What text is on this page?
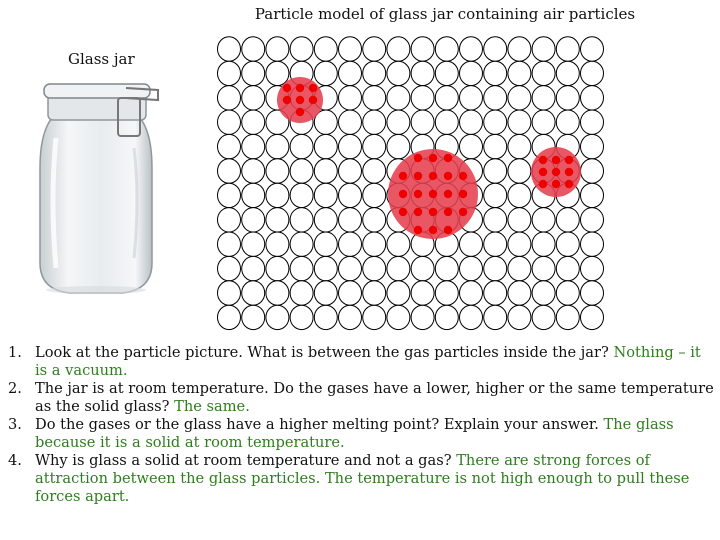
Particle model of glass jar containing air particles
Glass jar
1. Look at the particle picture. What is between the gas particles inside the jar? Nothing – it is a vacuum.
2. The jar is at room temperature. Do the gases have a lower, higher or the same temperature as the solid glass? The same.
3. Do the gases or the glass have a higher melting point? Explain your answer. The glass because it is a solid at room temperature.
4. Why is glass a solid at room temperature and not a gas? There are strong forces of attraction between the glass particles. The temperature is not high enough to pull these forces apart.
